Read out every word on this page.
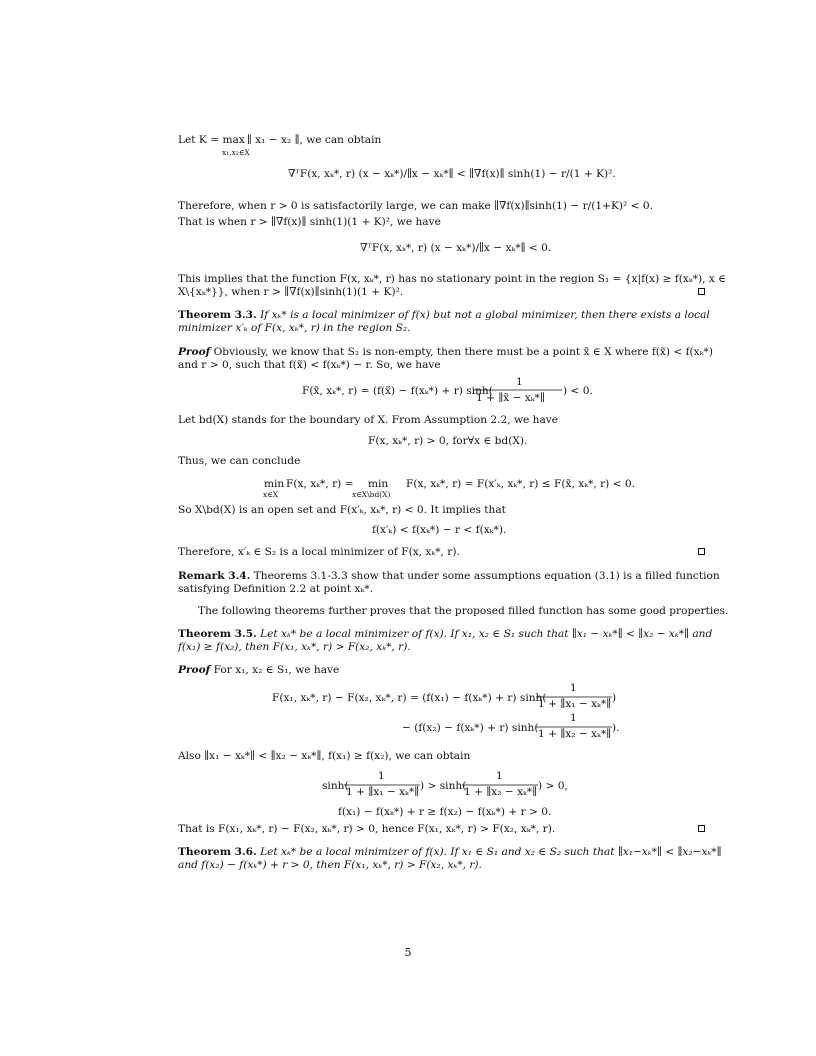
Let K = max ∥ x₁ − x₂ ∥, we can obtain
x₁,x₂∈X
∇ᵀF(x, xₖ*, r) (x − xₖ*)/∥x − xₖ*∥ < ∥∇f(x)∥ sinh(1) − r/(1 + K)².
Therefore, when r > 0 is satisfactorily large, we can make ∥∇f(x)∥sinh(1) − r/(1+K)² < 0.
That is when r > ∥∇f(x)∥ sinh(1)(1 + K)², we have
∇ᵀF(x, xₖ*, r) (x − xₖ*)/∥x − xₖ*∥ < 0.
This implies that the function F(x, xₖ*, r) has no stationary point in the region S₁ = {x|f(x) ≥ f(xₖ*), x ∈
X\{xₖ*}}, when r > ∥∇f(x)∥sinh(1)(1 + K)².
Theorem 3.3. If xₖ* is a local minimizer of f(x) but not a global minimizer, then there exists a local
minimizer x′ₖ of F(x, xₖ*, r) in the region S₂.
Proof Obviously, we know that S₂ is non-empty, then there must be a point x̃ ∈ X where f(x̃) < f(xₖ*)
and r > 0, such that f(x̃) < f(xₖ*) − r. So, we have
F(x̃, xₖ*, r) = (f(x̃) − f(xₖ*) + r) sinh(
1
1 + ∥x̃ − xₖ*∥
) < 0.
Let bd(X) stands for the boundary of X. From Assumption 2.2, we have
F(x, xₖ*, r) > 0, for∀x ∈ bd(X).
Thus, we can conclude
min
x∈X
F(x, xₖ*, r) = min
x∈X\bd(X)
F(x, xₖ*, r) = F(x′ₖ, xₖ*, r) ≤ F(x̃, xₖ*, r) < 0.
So X\bd(X) is an open set and F(x′ₖ, xₖ*, r) < 0. It implies that
f(x′ₖ) < f(xₖ*) − r < f(xₖ*).
Therefore, x′ₖ ∈ S₂ is a local minimizer of F(x, xₖ*, r).
Remark 3.4. Theorems 3.1-3.3 show that under some assumptions equation (3.1) is a filled function
satisfying Definition 2.2 at point xₖ*.
The following theorems further proves that the proposed filled function has some good properties.
Theorem 3.5. Let xₖ* be a local minimizer of f(x). If x₁, x₂ ∈ S₁ such that ∥x₁ − xₖ*∥ < ∥x₂ − xₖ*∥ and
f(x₁) ≥ f(x₂), then F(x₁, xₖ*, r) > F(x₂, xₖ*, r).
Proof For x₁, x₂ ∈ S₁, we have
F(x₁, xₖ*, r) − F(x₂, xₖ*, r) = (f(x₁) − f(xₖ*) + r) sinh(
1
1 + ∥x₁ − xₖ*∥ )
− (f(x₂) − f(xₖ*) + r) sinh(
1
1 + ∥x₂ − xₖ*∥ ).
Also ∥x₁ − xₖ*∥ < ∥x₂ − xₖ*∥, f(x₁) ≥ f(x₂), we can obtain
sinh(
1
1 + ∥x₁ − xₖ*∥ ) > sinh(
1
1 + ∥x₂ − xₖ*∥ ) > 0,
f(x₁) − f(xₖ*) + r ≥ f(x₂) − f(xₖ*) + r > 0.
That is F(x₁, xₖ*, r) − F(x₂, xₖ*, r) > 0, hence F(x₁, xₖ*, r) > F(x₂, xₖ*, r).
Theorem 3.6. Let xₖ* be a local minimizer of f(x). If x₁ ∈ S₁ and x₂ ∈ S₂ such that ∥x₁−xₖ*∥ < ∥x₂−xₖ*∥
and f(x₂) − f(xₖ*) + r > 0, then F(x₁, xₖ*, r) > F(x₂, xₖ*, r).
5
